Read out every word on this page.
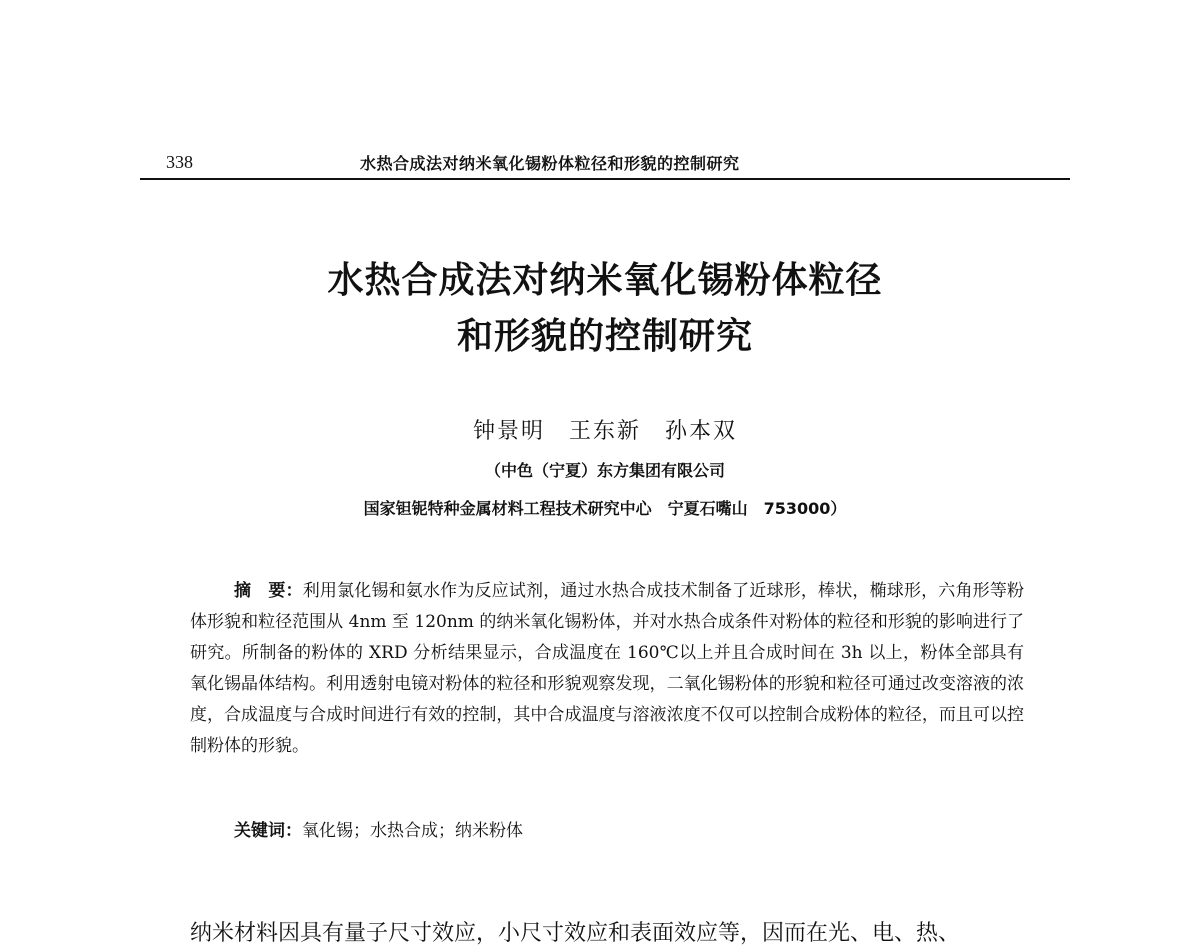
338	水热合成法对纳米氧化锡粉体粒径和形貌的控制研究
水热合成法对纳米氧化锡粉体粒径
和形貌的控制研究
钟景明　王东新　孙本双
（中色（宁夏）东方集团有限公司
国家钽铌特种金属材料工程技术研究中心　宁夏石嘴山　753000）

摘　要：利用氯化锡和氨水作为反应试剂，通过水热合成技术制备了近球形，棒状，椭球形，六角形等粉体形貌和粒径范围从 4nm 至 120nm 的纳米氧化锡粉体，并对水热合成条件对粉体的粒径和形貌的影响进行了研究。所制备的粉体的 XRD 分析结果显示，合成温度在 160℃以上并且合成时间在 3h 以上，粉体全部具有氧化锡晶体结构。利用透射电镜对粉体的粒径和形貌观察发现，二氧化锡粉体的形貌和粒径可通过改变溶液的浓度，合成温度与合成时间进行有效的控制，其中合成温度与溶液浓度不仅可以控制合成粉体的粒径，而且可以控制粉体的形貌。

关键词：氧化锡；水热合成；纳米粉体
纳米材料因具有量子尺寸效应，小尺寸效应和表面效应等，因而在光、电、热、
